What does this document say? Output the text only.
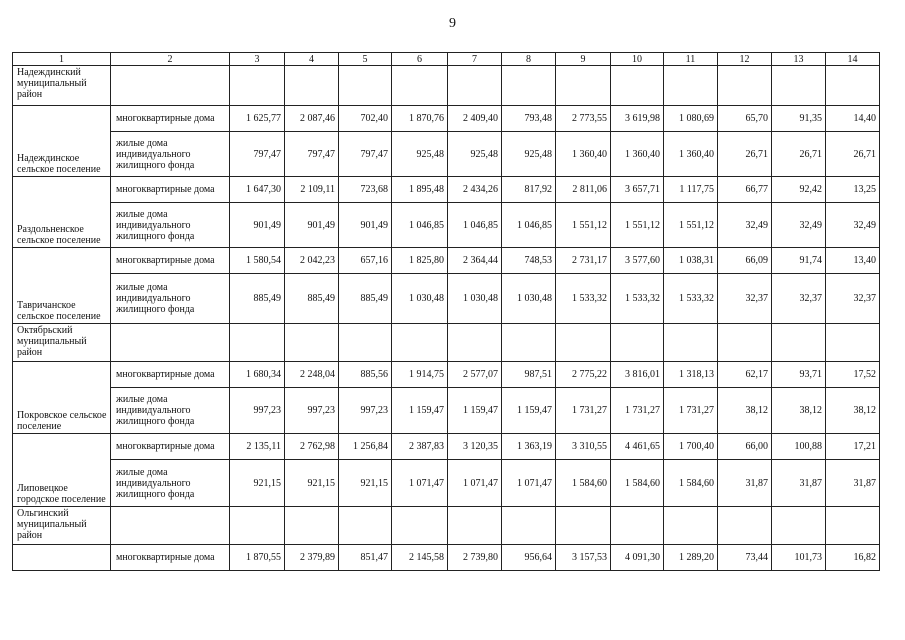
9
1	2	3	4	5	6	7	8	9	10	11	12	13	14
Надеждинский муниципальный район													
Надеждинское сельское поселение	многоквартирные дома	1 625,77	2 087,46	702,40	1 870,76	2 409,40	793,48	2 773,55	3 619,98	1 080,69	65,70	91,35	14,40
	жилые дома индивидуального жилищного фонда	797,47	797,47	797,47	925,48	925,48	925,48	1 360,40	1 360,40	1 360,40	26,71	26,71	26,71
Раздольненское сельское поселение	многоквартирные дома	1 647,30	2 109,11	723,68	1 895,48	2 434,26	817,92	2 811,06	3 657,71	1 117,75	66,77	92,42	13,25
	жилые дома индивидуального жилищного фонда	901,49	901,49	901,49	1 046,85	1 046,85	1 046,85	1 551,12	1 551,12	1 551,12	32,49	32,49	32,49
Тавричанское сельское поселение	многоквартирные дома	1 580,54	2 042,23	657,16	1 825,80	2 364,44	748,53	2 731,17	3 577,60	1 038,31	66,09	91,74	13,40
	жилые дома индивидуального жилищного фонда	885,49	885,49	885,49	1 030,48	1 030,48	1 030,48	1 533,32	1 533,32	1 533,32	32,37	32,37	32,37
Октябрьский муниципальный район													
Покровское сельское поселение	многоквартирные дома	1 680,34	2 248,04	885,56	1 914,75	2 577,07	987,51	2 775,22	3 816,01	1 318,13	62,17	93,71	17,52
	жилые дома индивидуального жилищного фонда	997,23	997,23	997,23	1 159,47	1 159,47	1 159,47	1 731,27	1 731,27	1 731,27	38,12	38,12	38,12
Липовецкое городское поселение	многоквартирные дома	2 135,11	2 762,98	1 256,84	2 387,83	3 120,35	1 363,19	3 310,55	4 461,65	1 700,40	66,00	100,88	17,21
	жилые дома индивидуального жилищного фонда	921,15	921,15	921,15	1 071,47	1 071,47	1 071,47	1 584,60	1 584,60	1 584,60	31,87	31,87	31,87
Ольгинский муниципальный район													
	многоквартирные дома	1 870,55	2 379,89	851,47	2 145,58	2 739,80	956,64	3 157,53	4 091,30	1 289,20	73,44	101,73	16,82
